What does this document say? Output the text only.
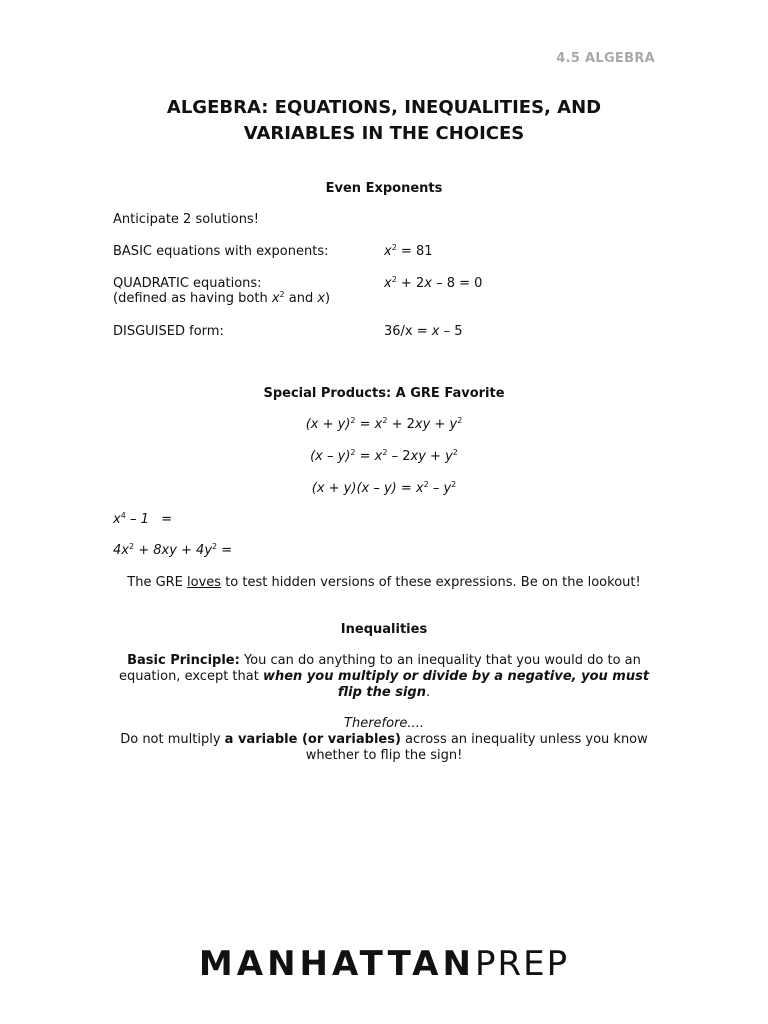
4.5 ALGEBRA
ALGEBRA: EQUATIONS, INEQUALITIES, AND
VARIABLES IN THE CHOICES
Even Exponents
Anticipate 2 solutions!
BASIC equations with exponents:	$x^2 = 81$
QUADRATIC equations:
(defined as having both $x^2$ and x)
$x^2 + 2x - 8 = 0$
DISGUISED form:	36/x = x – 5
Special Products: A GRE Favorite
$(x + y)^2 = x^2 + 2xy + y^2$
$(x - y)^2 = x^2 - 2xy + y^2$
$(x + y)(x - y) = x^2 - y^2$
$x^4 - 1$ =
$4x^2 + 8xy + 4y^2$ =
The GRE loves to test hidden versions of these expressions. Be on the lookout!
Inequalities
Basic Principle: You can do anything to an inequality that you would do to an equation, except that when you multiply or divide by a negative, you must flip the sign.
Therefore....
Do not multiply a variable (or variables) across an inequality unless you know whether to flip the sign!
MANHATTANPREP
